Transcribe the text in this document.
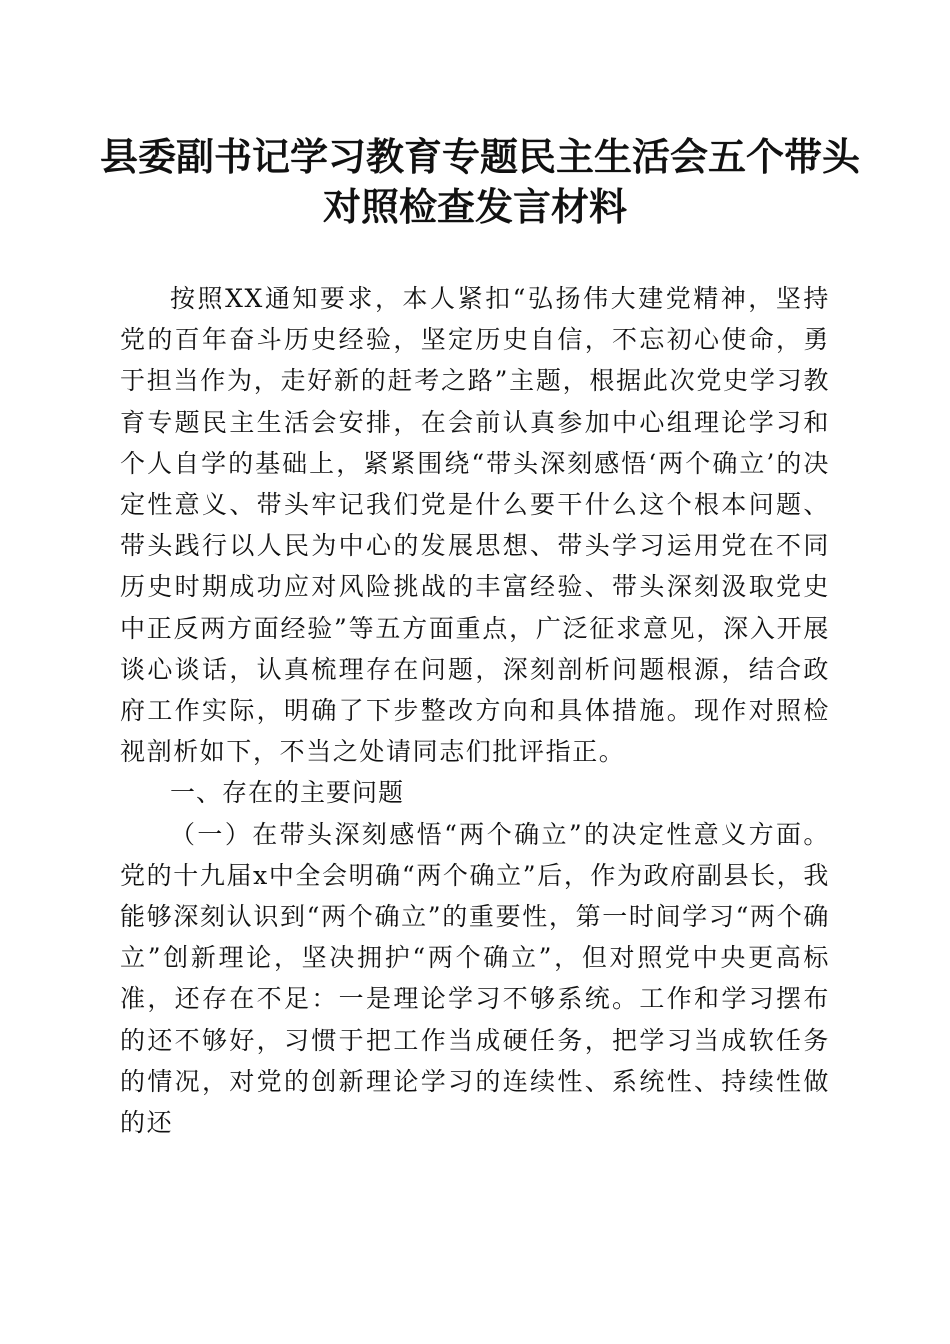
县委副书记学习教育专题民主生活会五个带头
对照检查发言材料

按照XX通知要求，本人紧扣“弘扬伟大建党精神，坚持党的百年奋斗历史经验，坚定历史自信，不忘初心使命，勇于担当作为，走好新的赶考之路”主题，根据此次党史学习教育专题民主生活会安排，在会前认真参加中心组理论学习和个人自学的基础上，紧紧围绕“带头深刻感悟‘两个确立’的决定性意义、带头牢记我们党是什么要干什么这个根本问题、带头践行以人民为中心的发展思想、带头学习运用党在不同历史时期成功应对风险挑战的丰富经验、带头深刻汲取党史中正反两方面经验”等五方面重点，广泛征求意见，深入开展谈心谈话，认真梳理存在问题，深刻剖析问题根源，结合政府工作实际，明确了下步整改方向和具体措施。现作对照检视剖析如下，不当之处请同志们批评指正。

一、存在的主要问题

（一）在带头深刻感悟“两个确立”的决定性意义方面。党的十九届x中全会明确“两个确立”后，作为政府副县长，我能够深刻认识到“两个确立”的重要性，第一时间学习“两个确立”创新理论，坚决拥护“两个确立”，但对照党中央更高标准，还存在不足：一是理论学习不够系统。工作和学习摆布的还不够好，习惯于把工作当成硬任务，把学习当成软任务的情况，对党的创新理论学习的连续性、系统性、持续性做的还
